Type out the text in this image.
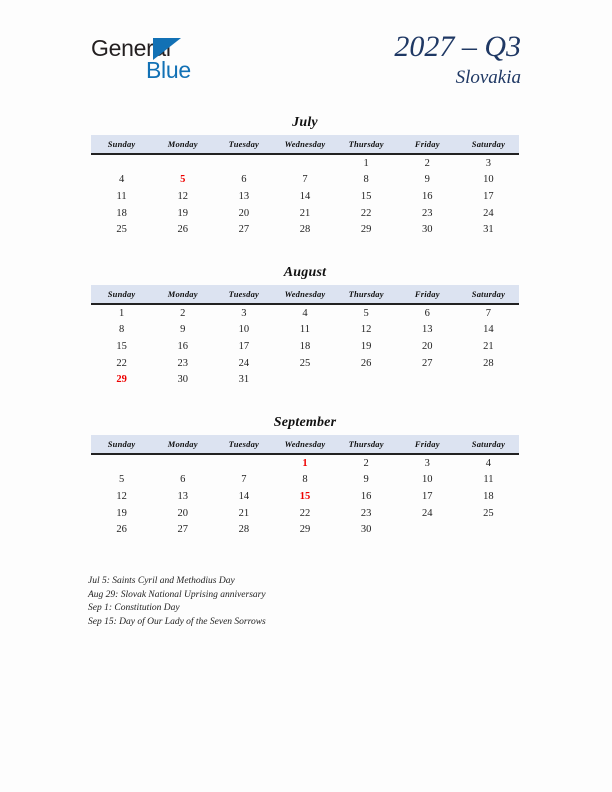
General
Blue
2027 – Q3
Slovakia
July
Sunday	Monday	Tuesday	Wednesday	Thursday	Friday	Saturday
				1	2	3
4	5	6	7	8	9	10
11	12	13	14	15	16	17
18	19	20	21	22	23	24
25	26	27	28	29	30	31
August
Sunday	Monday	Tuesday	Wednesday	Thursday	Friday	Saturday
1	2	3	4	5	6	7
8	9	10	11	12	13	14
15	16	17	18	19	20	21
22	23	24	25	26	27	28
29	30	31				
September
Sunday	Monday	Tuesday	Wednesday	Thursday	Friday	Saturday
			1	2	3	4
5	6	7	8	9	10	11
12	13	14	15	16	17	18
19	20	21	22	23	24	25
26	27	28	29	30		
Jul 5: Saints Cyril and Methodius Day
Aug 29: Slovak National Uprising anniversary
Sep 1: Constitution Day
Sep 15: Day of Our Lady of the Seven Sorrows
